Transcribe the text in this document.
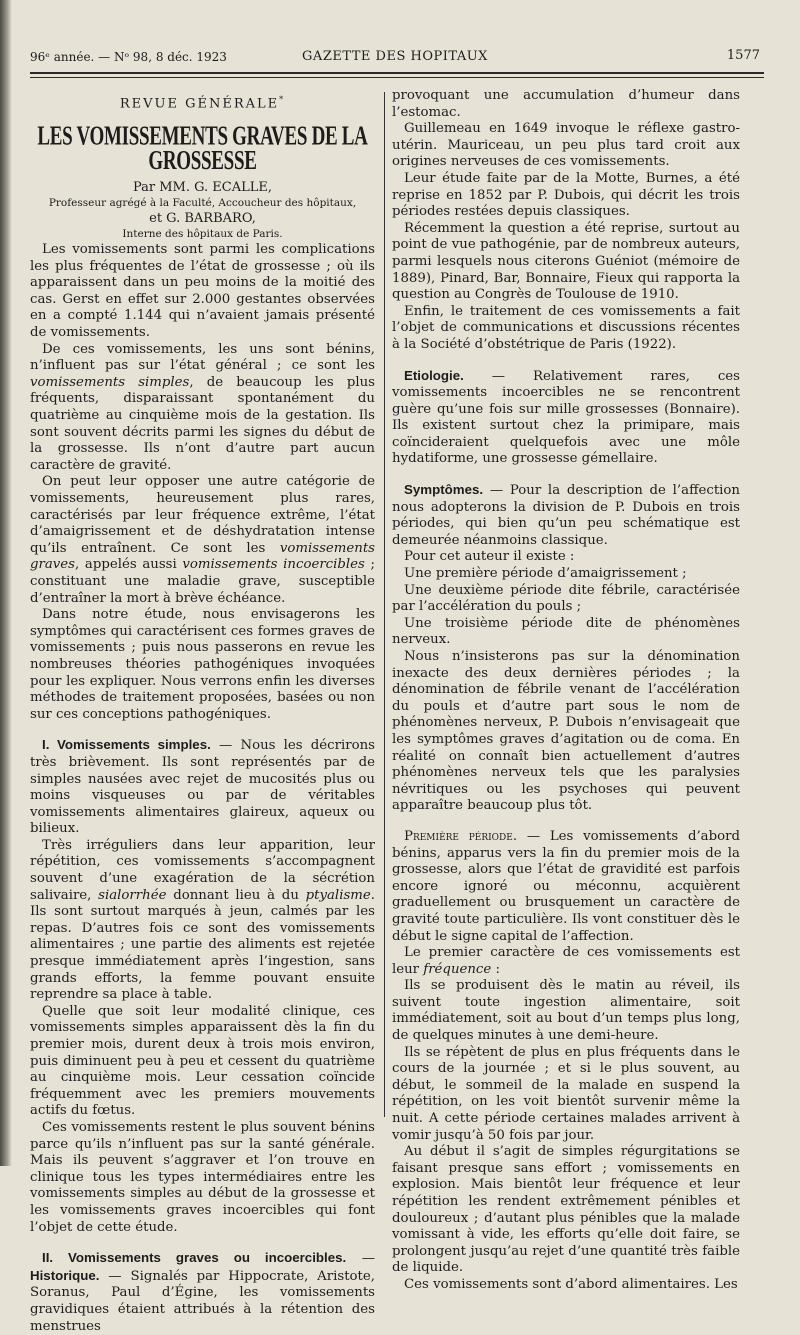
96ᵉ année. — Nᵒ 98, 8 déc. 1923	GAZETTE DES HOPITAUX	1577
REVUE GÉNÉRALE*
LES VOMISSEMENTS GRAVES DE LA GROSSESSE
Par MM. G. ECALLE,
Professeur agrégé à la Faculté, Accoucheur des hôpitaux,
et G. BARBARO,
Interne des hôpitaux de Paris.

Les vomissements sont parmi les complications les plus fréquentes de l’état de grossesse ; où ils apparaissent dans un peu moins de la moitié des cas. Gerst en effet sur 2.000 gestantes observées en a compté 1.144 qui n’avaient jamais présenté de vomissements.

De ces vomissements, les uns sont bénins, n’influent pas sur l’état général ; ce sont les vomissements simples, de beaucoup les plus fréquents, disparaissant spontanément du quatrième au cinquième mois de la gestation. Ils sont souvent décrits parmi les signes du début de la grossesse. Ils n’ont d’autre part aucun caractère de gravité.

On peut leur opposer une autre catégorie de vomissements, heureusement plus rares, caractérisés par leur fréquence extrême, l’état d’amaigrissement et de déshydratation intense qu’ils entraînent. Ce sont les vomissements graves, appelés aussi vomissements incoercibles ; constituant une maladie grave, susceptible d’entraîner la mort à brève échéance.

Dans notre étude, nous envisagerons les symptômes qui caractérisent ces formes graves de vomissements ; puis nous passerons en revue les nombreuses théories pathogéniques invoquées pour les expliquer. Nous verrons enfin les diverses méthodes de traitement proposées, basées ou non sur ces conceptions pathogéniques.

I. Vomissements simples. — Nous les décrirons très brièvement. Ils sont représentés par de simples nausées avec rejet de mucosités plus ou moins visqueuses ou par de véritables vomissements alimentaires glaireux, aqueux ou bilieux.

Très irréguliers dans leur apparition, leur répétition, ces vomissements s’accompagnent souvent d’une exagération de la sécrétion salivaire, sialorrhée donnant lieu à du ptyalisme. Ils sont surtout marqués à jeun, calmés par les repas. D’autres fois ce sont des vomissements alimentaires ; une partie des aliments est rejetée presque immédiatement après l’ingestion, sans grands efforts, la femme pouvant ensuite reprendre sa place à table.

Quelle que soit leur modalité clinique, ces vomissements simples apparaissent dès la fin du premier mois, durent deux à trois mois environ, puis diminuent peu à peu et cessent du quatrième au cinquième mois. Leur cessation coïncide fréquemment avec les premiers mouvements actifs du fœtus.

Ces vomissements restent le plus souvent bénins parce qu’ils n’influent pas sur la santé générale. Mais ils peuvent s’aggraver et l’on trouve en clinique tous les types intermédiaires entre les vomissements simples au début de la grossesse et les vomissements graves incoercibles qui font l’objet de cette étude.

II. Vomissements graves ou incoercibles. — Historique. — Signalés par Hippocrate, Aristote, Soranus, Paul d’Égine, les vomissements gravidiques étaient attribués à la rétention des menstrues

provoquant une accumulation d’humeur dans l’estomac.

Guillemeau en 1649 invoque le réflexe gastro-utérin. Mauriceau, un peu plus tard croit aux origines nerveuses de ces vomissements.

Leur étude faite par de la Motte, Burnes, a été reprise en 1852 par P. Dubois, qui décrit les trois périodes restées depuis classiques.

Récemment la question a été reprise, surtout au point de vue pathogénie, par de nombreux auteurs, parmi lesquels nous citerons Guéniot (mémoire de 1889), Pinard, Bar, Bonnaire, Fieux qui rapporta la question au Congrès de Toulouse de 1910.

Enfin, le traitement de ces vomissements a fait l’objet de communications et discussions récentes à la Société d’obstétrique de Paris (1922).

Etiologie. — Relativement rares, ces vomissements incoercibles ne se rencontrent guère qu’une fois sur mille grossesses (Bonnaire). Ils existent surtout chez la primipare, mais coïncideraient quelquefois avec une môle hydatiforme, une grossesse gémellaire.

Symptômes. — Pour la description de l’affection nous adopterons la division de P. Dubois en trois périodes, qui bien qu’un peu schématique est demeurée néanmoins classique.

Pour cet auteur il existe :

Une première période d’amaigrissement ;

Une deuxième période dite fébrile, caractérisée par l’accélération du pouls ;

Une troisième période dite de phénomènes nerveux.

Nous n’insisterons pas sur la dénomination inexacte des deux dernières périodes ; la dénomination de fébrile venant de l’accélération du pouls et d’autre part sous le nom de phénomènes nerveux, P. Dubois n’envisageait que les symptômes graves d’agitation ou de coma. En réalité on connaît bien actuellement d’autres phénomènes nerveux tels que les paralysies névritiques ou les psychoses qui peuvent apparaître beaucoup plus tôt.

Première période. — Les vomissements d’abord bénins, apparus vers la fin du premier mois de la grossesse, alors que l’état de gravidité est parfois encore ignoré ou méconnu, acquièrent graduellement ou brusquement un caractère de gravité toute particulière. Ils vont constituer dès le début le signe capital de l’affection.

Le premier caractère de ces vomissements est leur fréquence :

Ils se produisent dès le matin au réveil, ils suivent toute ingestion alimentaire, soit immédiatement, soit au bout d’un temps plus long, de quelques minutes à une demi-heure.

Ils se répètent de plus en plus fréquents dans le cours de la journée ; et si le plus souvent, au début, le sommeil de la malade en suspend la répétition, on les voit bientôt survenir même la nuit. A cette période certaines malades arrivent à vomir jusqu’à 50 fois par jour.

Au début il s’agit de simples régurgitations se faisant presque sans effort ; vomissements en explosion. Mais bientôt leur fréquence et leur répétition les rendent extrêmement pénibles et douloureux ; d’autant plus pénibles que la malade vomissant à vide, les efforts qu’elle doit faire, se prolongent jusqu’au rejet d’une quantité très faible de liquide.

Ces vomissements sont d’abord alimentaires. Les
